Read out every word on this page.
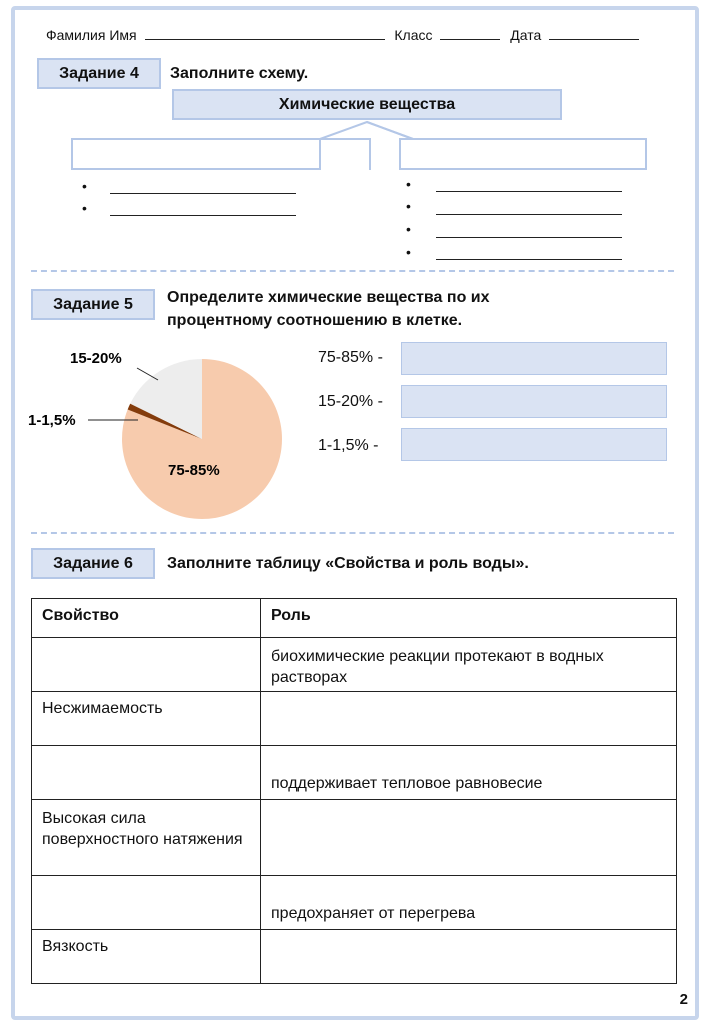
Фамилия Имя	Класс	Дата
Задание 4	Заполните схему.
Химические вещества
•
•
•
•
•
•
Задание 5	Определите химические вещества по их
процентному соотношению в клетке.
15-20%
1-1,5%
75-85%
75-85% -
15-20% -
1-1,5% -
Задание 6	Заполните таблицу «Свойства и роль воды».
Свойство	Роль
	биохимические реакции протекают в водных растворах
Несжимаемость	
	поддерживает тепловое равновесие
Высокая сила поверхностного натяжения	
	предохраняет от перегрева
Вязкость	
2
